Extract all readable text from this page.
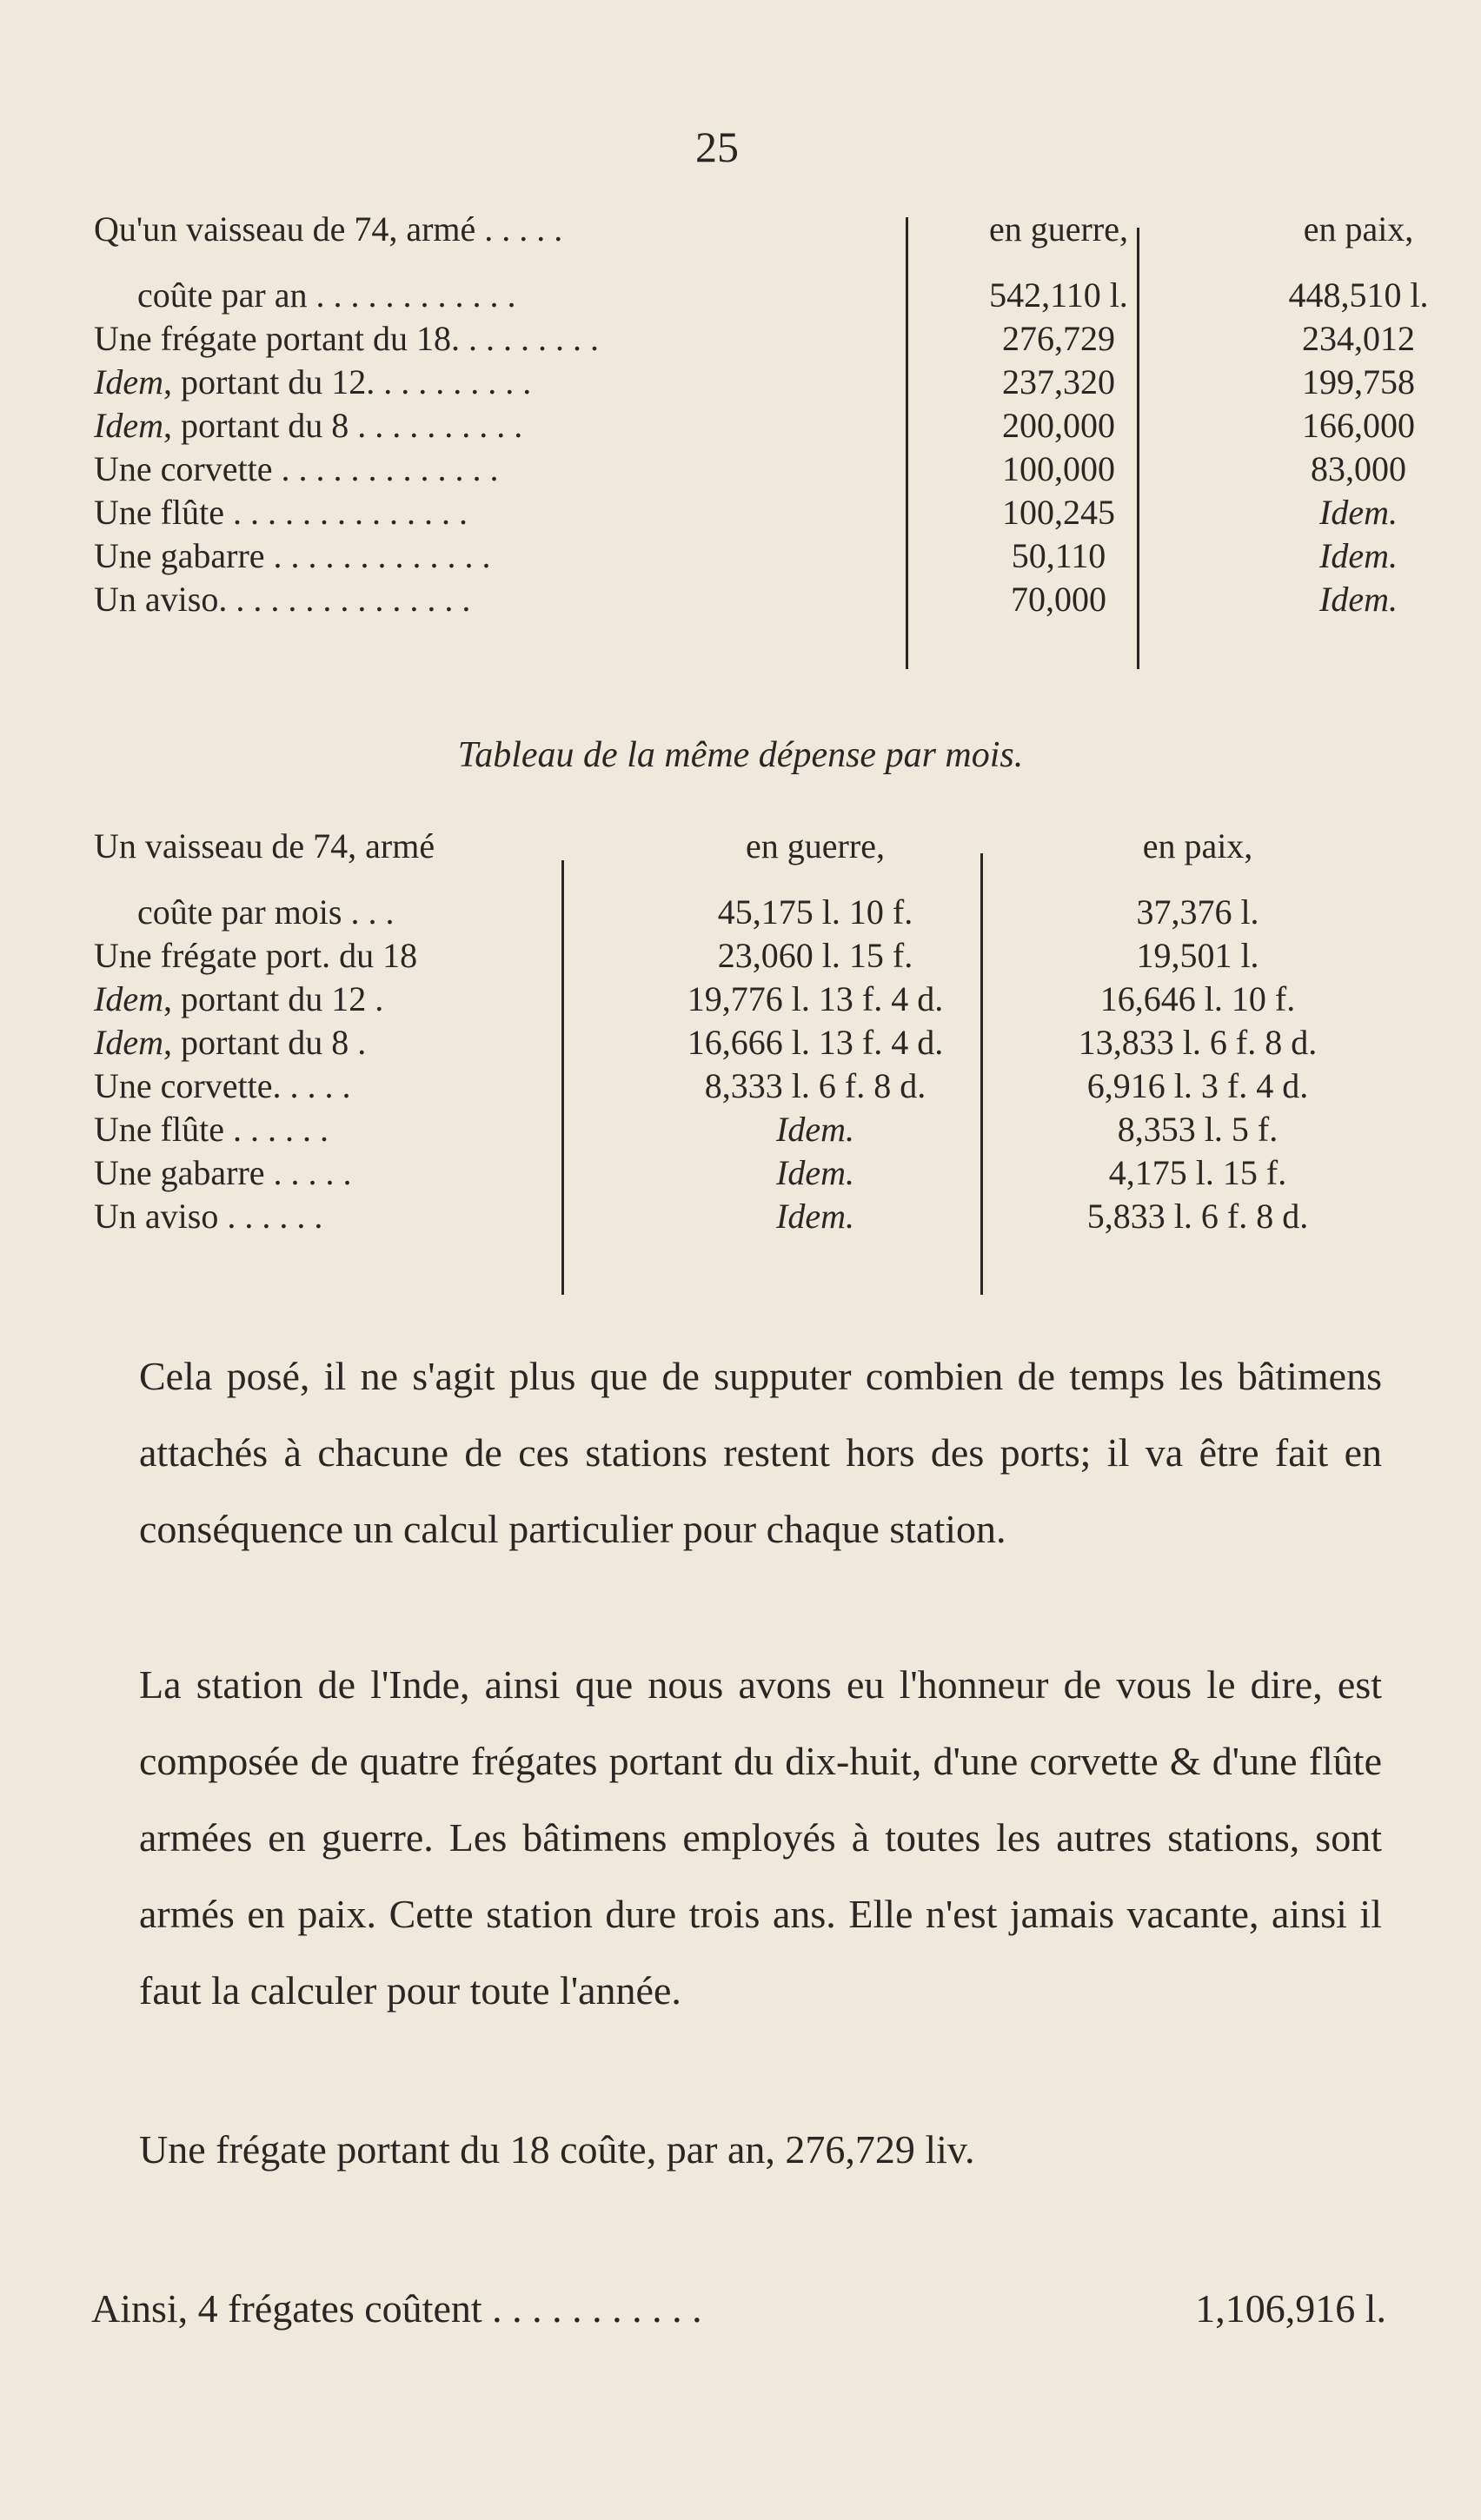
25
Qu'un vaisseau de 74, armé . . . . .	en guerre,	en paix,
coûte par an . . . . . . . . . . . .	542,110 l.	448,510 l.
Une frégate portant du 18. . . . . . . . .	276,729	234,012
Idem, portant du 12. . . . . . . . . .	237,320	199,758
Idem, portant du 8 . . . . . . . . . .	200,000	166,000
Une corvette . . . . . . . . . . . . .	100,000	83,000
Une flûte . . . . . . . . . . . . . .	100,245	Idem.
Une gabarre . . . . . . . . . . . . .	50,110	Idem.
Un aviso. . . . . . . . . . . . . . .	70,000	Idem.
Tableau de la même dépense par mois.
Un vaisseau de 74, armé	en guerre,	en paix,
coûte par mois . . .	45,175 l. 10 f.	37,376 l.
Une frégate port. du 18	23,060 l. 15 f.	19,501 l.
Idem, portant du 12 .	19,776 l. 13 f. 4 d.	16,646 l. 10 f.
Idem, portant du 8 .	16,666 l. 13 f. 4 d.	13,833 l. 6 f. 8 d.
Une corvette. . . . .	8,333 l. 6 f. 8 d.	6,916 l. 3 f. 4 d.
Une flûte . . . . . .	Idem.	8,353 l. 5 f.
Une gabarre . . . . .	Idem.	4,175 l. 15 f.
Un aviso . . . . . .	Idem.	5,833 l. 6 f. 8 d.
Cela posé, il ne s'agit plus que de supputer combien de temps les bâtimens attachés à chacune de ces stations restent hors des ports; il va être fait en conséquence un calcul particulier pour chaque station.
La station de l'Inde, ainsi que nous avons eu l'honneur de vous le dire, est composée de quatre frégates portant du dix-huit, d'une corvette & d'une flûte armées en guerre. Les bâtimens employés à toutes les autres stations, sont armés en paix. Cette station dure trois ans. Elle n'est jamais vacante, ainsi il faut la calculer pour toute l'année.
Une frégate portant du 18 coûte, par an, 276,729 liv.
Ainsi, 4 frégates coûtent . . . . . . . . . . .	1,106,916 l.
